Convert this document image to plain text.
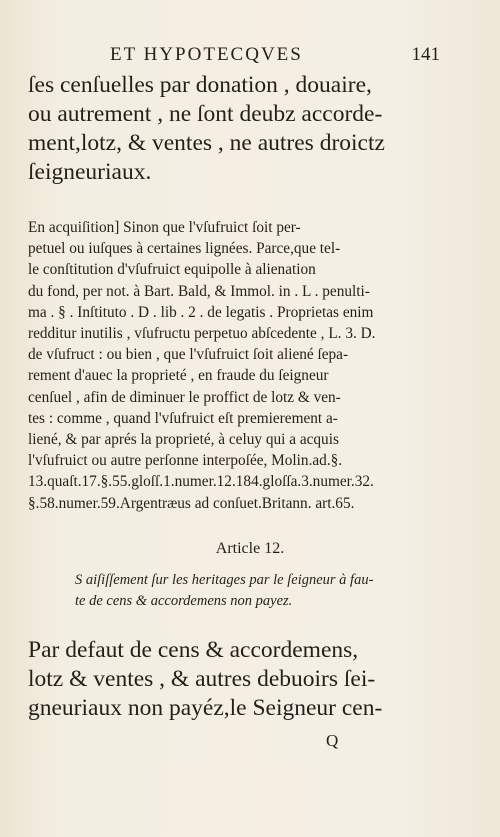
ET HYPOTECQVES	141

ſes cenſuelles par donation , douaire,

ou autrement , ne ſont deubz accorde-

ment,lotz, & ventes , ne autres droictz

ſeigneuriaux.

En acquiſition] Sinon que l'vſufruict ſoit per-

petuel ou iuſques à certaines lignées. Parce,que tel-

le conſtitution d'vſufruict equipolle à alienation

du fond, per not. à Bart. Bald, & Immol. in . L . penulti-

ma . § . Inſtituto . D . lib . 2 . de legatis . Proprietas enim

redditur inutilis , vſufructu perpetuo abſcedente , L. 3. D.

de vſufruct : ou bien , que l'vſufruict ſoit aliené ſepa-

rement d'auec la proprieté , en fraude du ſeigneur

cenſuel , afin de diminuer le proffict de lotz & ven-

tes : comme , quand l'vſufruict eſt premierement a-

liené, & par aprés la proprieté, à celuy qui a acquis

l'vſufruict ou autre perſonne interpoſée, Molin.ad.§.

13.quaſt.17.§.55.gloſſ.1.numer.12.184.gloſſa.3.numer.32.

§.58.numer.59.Argentræus ad conſuet.Britann. art.65.

Article 12.

S aiſiſſement ſur les heritages par le ſeigneur à fau-

te de cens & accordemens non payez.

Par defaut de cens & accordemens,

lotz & ventes , & autres debuoirs ſei-

gneuriaux non payéz,le Seigneur cen-

Q
